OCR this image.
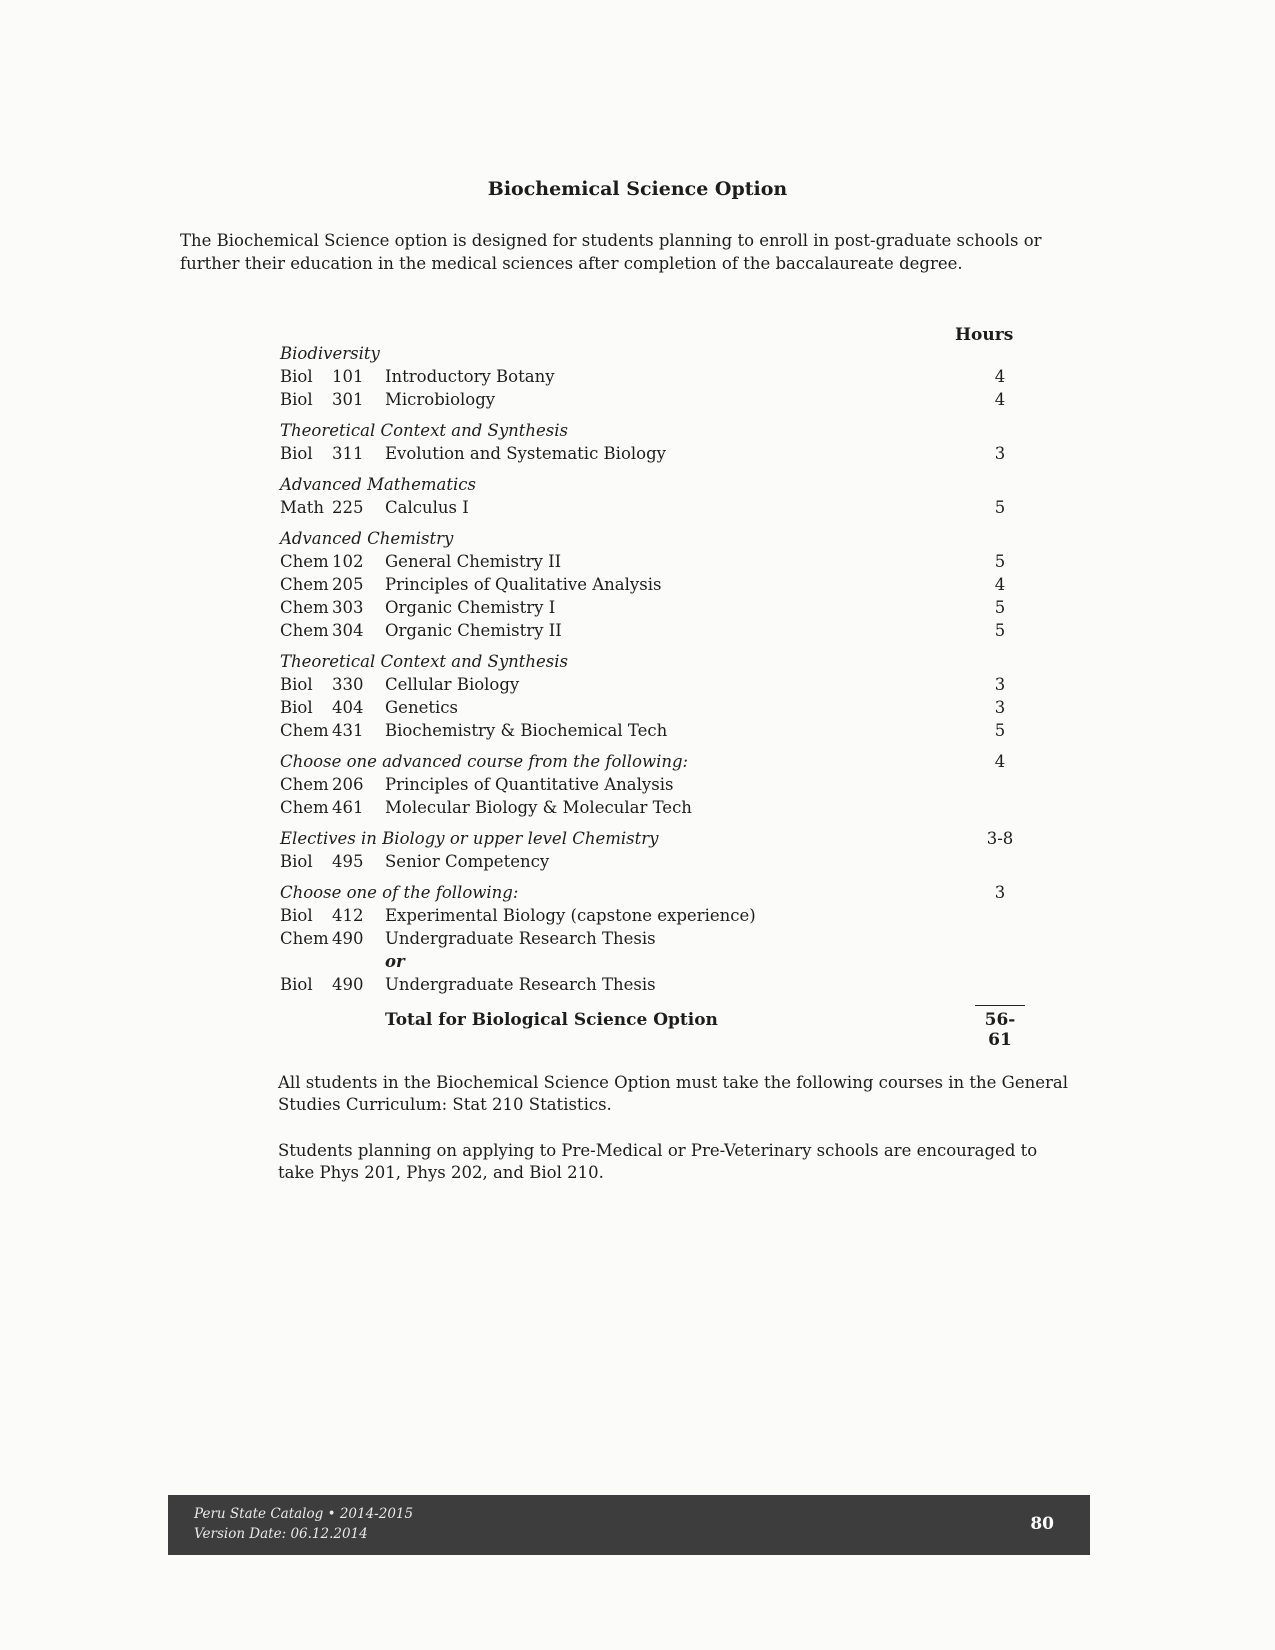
Biochemical Science Option
The Biochemical Science option is designed for students planning to enroll in post-graduate schools or further their education in the medical sciences after completion of the baccalaureate degree.
Hours
Biodiversity
Biol 101 Introductory Botany	4
Biol 301 Microbiology	4
Theoretical Context and Synthesis
Biol 311 Evolution and Systematic Biology	3
Advanced Mathematics
Math 225 Calculus I	5
Advanced Chemistry
Chem 102 General Chemistry II	5
Chem 205 Principles of Qualitative Analysis	4
Chem 303 Organic Chemistry I	5
Chem 304 Organic Chemistry II	5
Theoretical Context and Synthesis
Biol 330 Cellular Biology	3
Biol 404 Genetics	3
Chem 431 Biochemistry & Biochemical Tech	5
Choose one advanced course from the following:	4
Chem 206 Principles of Quantitative Analysis
Chem 461 Molecular Biology & Molecular Tech
Electives in Biology or upper level Chemistry	3-8
Biol 495 Senior Competency
Choose one of the following:	3
Biol 412 Experimental Biology (capstone experience)
Chem 490 Undergraduate Research Thesis
or
Biol 490 Undergraduate Research Thesis
Total for Biological Science Option	56-61
All students in the Biochemical Science Option must take the following courses in the General Studies Curriculum: Stat 210 Statistics.
Students planning on applying to Pre-Medical or Pre-Veterinary schools are encouraged to take Phys 201, Phys 202, and Biol 210.
Peru State Catalog • 2014-2015
Version Date: 06.12.2014	80
